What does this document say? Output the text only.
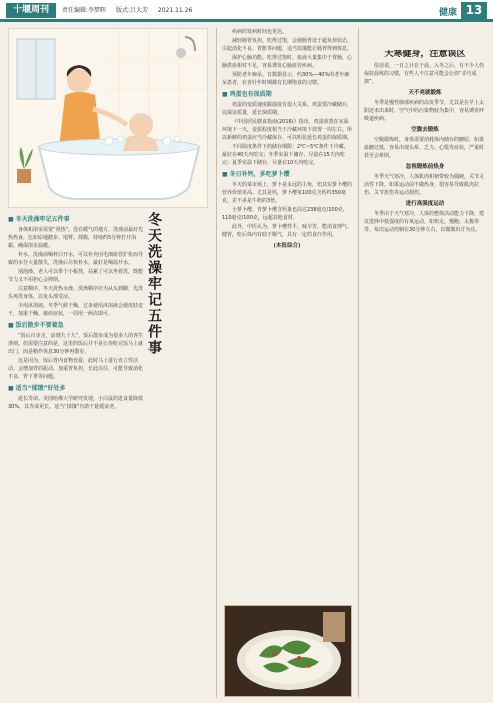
十堰周刊	责任编辑:李梦晖 版式:吕大芳 2021.11.26	健康 13
冬天洗澡牢记五件事
■ 冬天洗澡牢记五件事

身体和浴室需要“预热”。没有暖气的地方，洗澡前最好先热热身，比如原地踏步、甩臂、揉腹，持续约5分钟打开浴霸，确保浴室温暖。

补水。洗澡前喝杯白开水，可以补充因毛细血管扩张而导致的水分大量散失，洗澡后尽快补水，最好是喝温开水。

别泡澡。老人可以带个小板凳，站累了可以坐着洗，既能节力又不用担心会摔倒。

注意顺序。冬天洗热水澡，洗澡顺序应为从头到脚，先洗头再洗身体，以免头部受凉。

少用沐浴液。冬季气候干燥，过多使用沐浴液会使皮肤变干，加重干燥、瘙痒症状，一周用一两次即可。

■ 饭后散步不要着急

“饭后百步走，活到九十九”，饭后散步成为很多人的养生准则。但需要注意的是，这里的饭后并不是让你吃完饭马上就出门，而是稍作休息30分钟再散步。

这是因为，饭后胃内食物充盈，此时马上进行直立性活动，会增加胃的振动，加重胃负担，长此以往，可能导致消化不良、胃下垂等问题。

■ 适当“揉饿”好处多

延长寿命。美国哈佛大学研究发现，小白鼠的进食量降低30%，其寿命更长。适当“揉饿”有助于延缓衰老。

疾病的发病时间也更迟。

减轻肠胃负担。吃得过饱，会使肠胃处于超负荷状态，引起消化不良、胃胀等问题，适当饥饿能让肠胃得到休息。

保护心脑功能。吃得过饱时，血液大量集中于胃肠，心脑供血相对不足，容易诱发心脑血管疾病。

预防老年痴呆。有数据显示，约30%—40%的老年痴呆患者，在青壮年时期都有长期饱食的习惯。

■ 鸡蛋也有保质期

鸡蛋的变质速度跟温度有很大关系。鸡蛋要冷藏储存，以保证质量，延长保质期。

《中国居民膳食指南(2016)》指出，鸡蛋放置在室温环境下一天，变质程度相当于冷藏环境下放置一周左右。所以新鲜的鸡蛋应当冷藏保存，可以明显延长鸡蛋的保质期。

不同温度条件下的储存期限：2℃~5℃条件下冷藏，最好在40天内吃完；冬季室温下储存，尽量在15天内吃完；夏季室温下储存，尽量在10天内吃完。

■ 冬日补钙，多吃萝卜缨

冬天的菜市场上，萝卜是永远的主角，但其实萝卜缨的营养价值更高。尤其是钙，萝卜缨每100克含钙约350毫克，差不多是牛奶的3倍。

小萝卜缨、青萝卜缨含钙量也高达238毫克/100克、110毫克/100克，远超其他食材。

此外，中医认为，萝卜缨性平，味辛苦，能消食理气、健胃，吃后体内有助于顺气，具有一定的食疗作用。

(本报综合)
天寒健身，注意误区

俗话说，一日之计在于晨。入冬之后，有不少人仍保持晨练的习惯，有些人不注意可能会让你“弄巧成拙”。

天不亮就锻炼

冬季是慢性肺部疾病的高发季节，尤其是在早上太阳还未出来时，空气中的污染物较为集中，容易诱发呼吸道疾病。

空腹去锻炼

空腹锻炼时，身体需要消耗体内储存的糖原，如果血糖过低，容易出现头晕、乏力、心慌等症状，严重时甚至会晕倒。

忽视锻炼前热身

冬季天气寒冷，人体肌肉和韧带较为僵硬，关节灵活性下降，如果运动前不做热身，很容易导致肌肉拉伤、关节扭伤等运动损伤。

进行高强度运动

冬季由于天气寒冷，人体的整体活动能力下降，建议选择中低强度的有氧运动，如快走、慢跑、太极拳等，每次运动控制在30分钟左右，以微微出汗为宜。
